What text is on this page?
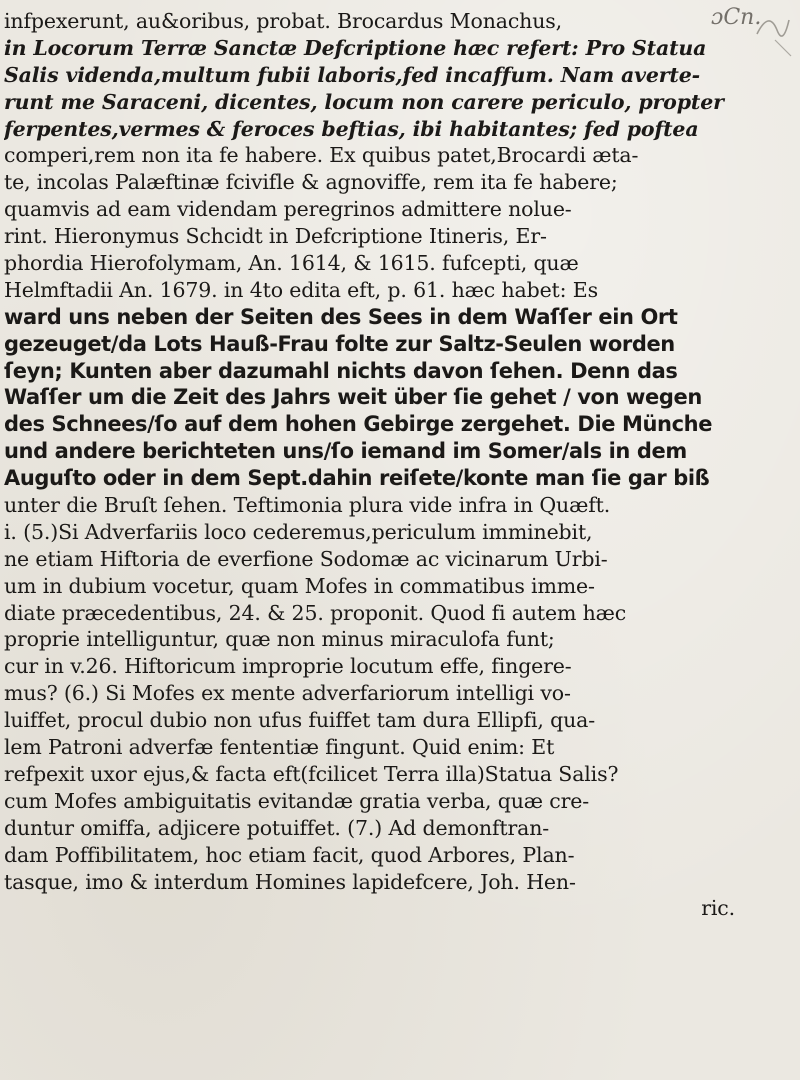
ɔCn.
infpexerunt, au&oribus, probat. Brocardus Monachus,
in Locorum Terræ Sanctæ Defcriptione hæc refert: Pro Statua
Salis videnda,multum fubii laboris,fed incaffum. Nam averte-
runt me Saraceni, dicentes, locum non carere periculo, propter
ferpentes,vermes & feroces beftias, ibi habitantes; fed poftea
comperi,rem non ita fe habere. Ex quibus patet,Brocardi æta-
te, incolas Palæftinæ fcivifle & agnoviffe, rem ita fe habere;
quamvis ad eam videndam peregrinos admittere nolue-
rint. Hieronymus Schcidt in Defcriptione Itineris, Er-
phordia Hierofolymam, An. 1614, & 1615. fufcepti, quæ
Helmftadii An. 1679. in 4to edita eft, p. 61. hæc habet: Es
ward uns neben der Seiten des Sees in dem Waſſer ein Ort
gezeuget/da Lots Hauß-Frau folte zur Saltz-Seulen worden
ſeyn; Kunten aber dazumahl nichts davon ſehen. Denn das
Waſſer um die Zeit des Jahrs weit über ſie gehet / von wegen
des Schnees/ſo auf dem hohen Gebirge zergehet. Die Münche
und andere berichteten uns/ſo iemand im Somer/als in dem
Auguſto oder in dem Sept.dahin reiſete/konte man ſie gar biß
unter die Bruſt ſehen. Teftimonia plura vide infra in Quæft.
i. (5.)Si Adverfariis loco cederemus,periculum imminebit,
ne etiam Hiftoria de everfione Sodomæ ac vicinarum Urbi-
um in dubium vocetur, quam Mofes in commatibus imme-
diate præcedentibus, 24. & 25. proponit. Quod fi autem hæc
proprie intelliguntur, quæ non minus miraculofa funt;
cur in v.26. Hiftoricum improprie locutum effe, fingere-
mus? (6.) Si Mofes ex mente adverfariorum intelligi vo-
luiffet, procul dubio non ufus fuiffet tam dura Ellipfi, qua-
lem Patroni adverfæ fententiæ fingunt. Quid enim: Et
refpexit uxor ejus,& facta eft(fcilicet Terra illa)Statua Salis?
cum Mofes ambiguitatis evitandæ gratia verba, quæ cre-
duntur omiffa, adjicere potuiffet. (7.) Ad demonftran-
dam Poffibilitatem, hoc etiam facit, quod Arbores, Plan-
tasque, imo & interdum Homines lapidefcere, Joh. Hen-
ric.
